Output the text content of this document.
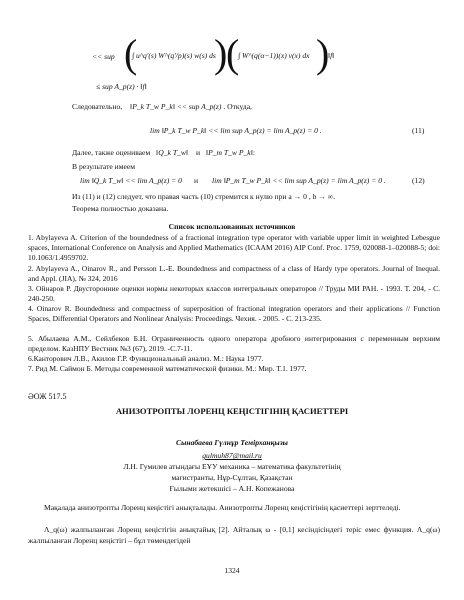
<< sup (
∫ u^q'(s) W^(q'/p)(s) w(s) ds
)
(
∫ W^(q(α−1))(x) v(x) dx )
‖f‖
≤ sup A_p(z) · ‖f‖
Следовательно, ‖P_k T_w P_k‖ << sup A_p(z) . Откуда,
lim ‖P_k T_w P_k‖ << lim sup A_p(z) = lim A_p(z) = 0 .	(11)
Далее, также оцениваем ‖Q_k T_w‖ и ‖P_m T_w P_k‖:
В результате имеем
lim ‖Q_k T_w‖ << lim A_p(z) = 0 и lim ‖P_m T_w P_k‖ << lim sup A_p(z) = lim A_p(z) = 0 .	(12)
Из (11) и (12) следует, что правая часть (10) стремится к нулю при a → 0 , b → ∞.
Теорема полностью доказана.
Список использованных источников
1. Abylayeva A. Criterion of the boundedness of a fractional integration type operator with variable upper limit in weighted Lebesgue spaces, International Conference on Analysis and Applied Mathematics (ICAAM 2016) AIP Conf. Proc. 1759, 020088-1–020088-5; doi: 10.1063/1.4959702.
2. Abylayeva A., Oinarov R., and Persson L.-E. Boundedness and compactness of a class of Hardy type operators. Journal of Inequal. and Appl. (JIA), № 324, 2016
3. Ойнаров Р. Двусторонние оценки нормы некоторых классов интегральных операторов // Труды МИ РАН. - 1993. Т. 204, - С. 240-250.
4. Oinarov R. Boundedness and compactness of superposition of fractional integration operators and their applications // Function Spaces, Differential Operators and Nonlinear Analysis: Proceedings. Чехия. - 2005. - С. 213-235.
5. Абылаева А.М., Сейлбеков Б.Н. Ограниченность одного оператора дробного интегрирования с переменным верхним пределом. КазНПУ Вестник №3 (67), 2019. -С.7-11.
6.Канторович Л.В., Акилов Г.Р. Функциональный анализ. М.: Наука 1977.
7. Рид М. Саймон Б. Методы современной математической физики. М.: Мир. Т.1. 1977.
ӘОЖ 517.5
АНИЗОТРОПТЫ ЛОРЕНЦ КЕҢІСТІГІНІҢ ҚАСИЕТТЕРІ
Сынабаева Гүлнұр Темірханқызы
gulmuh87@mail.ru
Л.Н. Гумилев атындағы ЕҰУ механика – математика факультетінің
магистранты, Нұр-Сұлтан, Қазақстан
Ғылыми жетекшісі – А.Н. Копежанова
Мақалада анизотропты Лоренц кеңістігі анықталады. Анизотропты Лоренц кеңістігінің қасиеттері зерттеледі.
Λ_q(ω) жалпыланған Лоренц кеңістігін анықтайық [2]. Айталық ω - [0,1] кесіндісіндегі теріс емес функция. Λ_q(ω) жалпыланған Лоренц кеңістігі – бұл төмендегідей
1324
